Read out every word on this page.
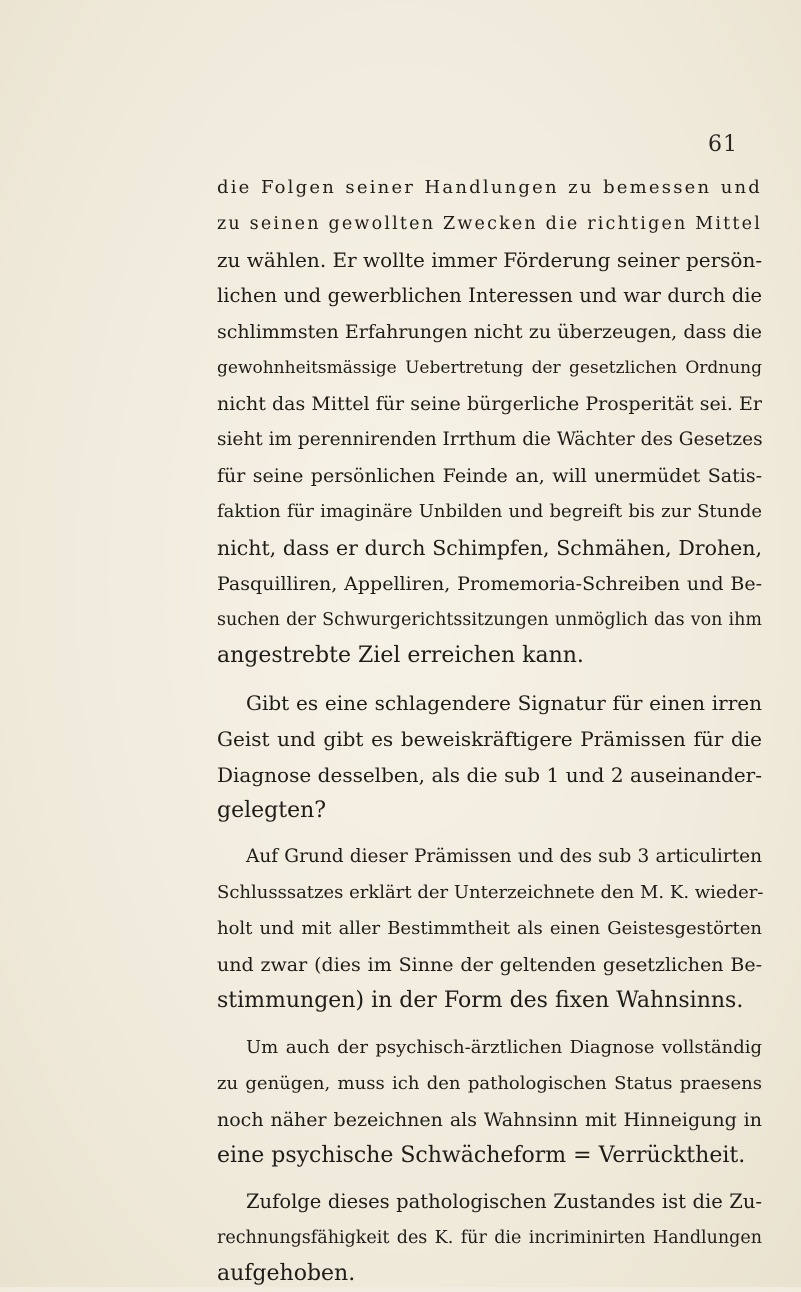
61
die Folgen seiner Handlungen zu bemessen und
zu seinen gewollten Zwecken die richtigen Mittel
zu wählen. Er wollte immer Förderung seiner persön-
lichen und gewerblichen Interessen und war durch die
schlimmsten Erfahrungen nicht zu überzeugen, dass die
gewohnheitsmässige Uebertretung der gesetzlichen Ordnung
nicht das Mittel für seine bürgerliche Prosperität sei. Er
sieht im perennirenden Irrthum die Wächter des Gesetzes
für seine persönlichen Feinde an, will unermüdet Satis-
faktion für imaginäre Unbilden und begreift bis zur Stunde
nicht, dass er durch Schimpfen, Schmähen, Drohen,
Pasquilliren, Appelliren, Promemoria-Schreiben und Be-
suchen der Schwurgerichtssitzungen unmöglich das von ihm
angestrebte Ziel erreichen kann.
Gibt es eine schlagendere Signatur für einen irren
Geist und gibt es beweiskräftigere Prämissen für die
Diagnose desselben, als die sub 1 und 2 auseinander-
gelegten?
Auf Grund dieser Prämissen und des sub 3 articulirten
Schlusssatzes erklärt der Unterzeichnete den M. K. wieder-
holt und mit aller Bestimmtheit als einen Geistesgestörten
und zwar (dies im Sinne der geltenden gesetzlichen Be-
stimmungen) in der Form des fixen Wahnsinns.
Um auch der psychisch-ärztlichen Diagnose vollständig
zu genügen, muss ich den pathologischen Status praesens
noch näher bezeichnen als Wahnsinn mit Hinneigung in
eine psychische Schwächeform = Verrücktheit.
Zufolge dieses pathologischen Zustandes ist die Zu-
rechnungsfähigkeit des K. für die incriminirten Handlungen
aufgehoben.
